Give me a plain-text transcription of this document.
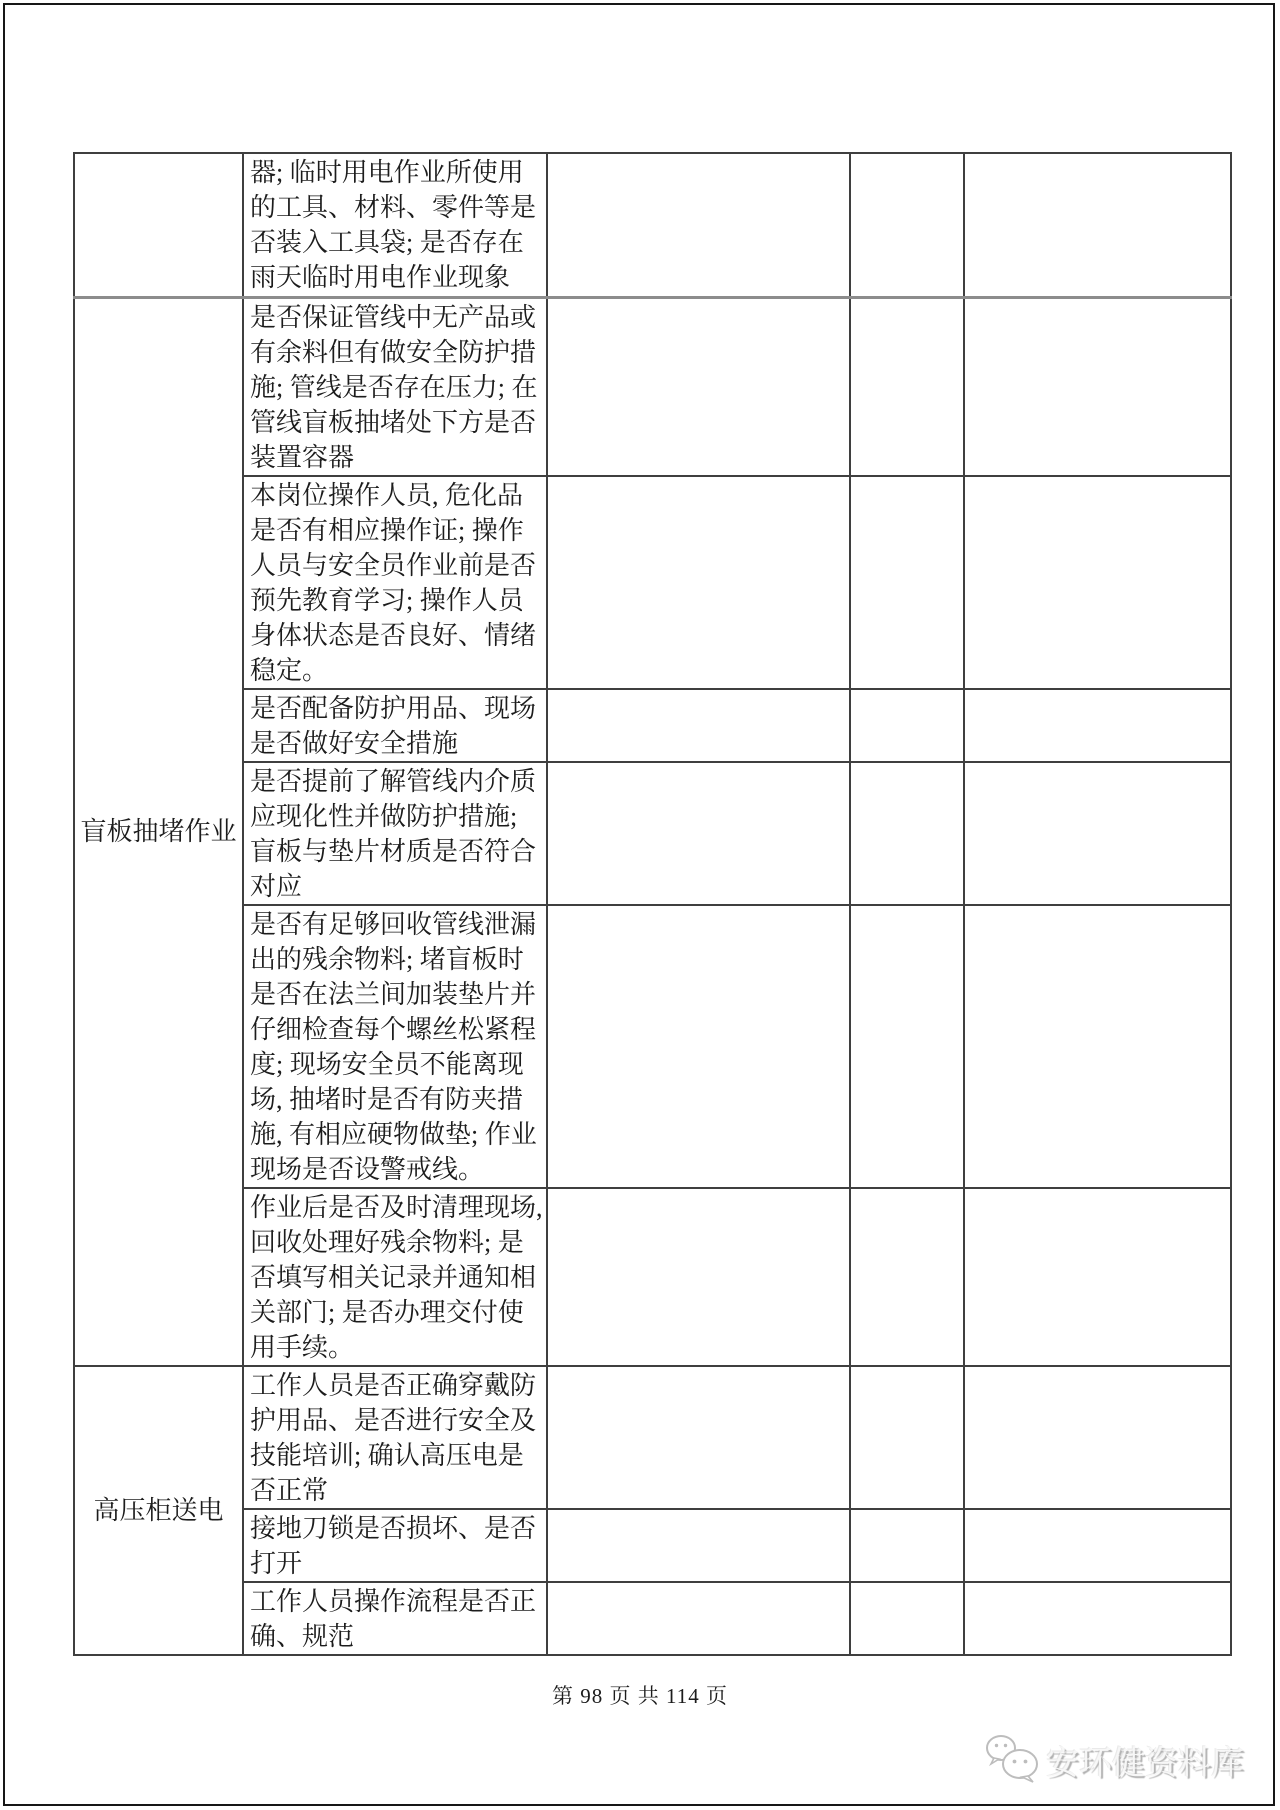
	器; 临时用电作业所使用的工具、材料、零件等是否装入工具袋; 是否存在雨天临时用电作业现象			
盲板抽堵作业	是否保证管线中无产品或有余料但有做安全防护措施; 管线是否存在压力; 在管线盲板抽堵处下方是否装置容器			
	本岗位操作人员, 危化品是否有相应操作证; 操作人员与安全员作业前是否预先教育学习; 操作人员身体状态是否良好、情绪稳定。			
	是否配备防护用品、现场是否做好安全措施			
	是否提前了解管线内介质应现化性并做防护措施; 盲板与垫片材质是否符合对应			
	是否有足够回收管线泄漏出的残余物料; 堵盲板时是否在法兰间加装垫片并仔细检查每个螺丝松紧程度; 现场安全员不能离现场, 抽堵时是否有防夹措施, 有相应硬物做垫; 作业现场是否设警戒线。			
	作业后是否及时清理现场, 回收处理好残余物料; 是否填写相关记录并通知相关部门; 是否办理交付使用手续。			
高压柜送电	工作人员是否正确穿戴防护用品、是否进行安全及技能培训; 确认高压电是否正常			
	接地刀锁是否损坏、是否打开			
	工作人员操作流程是否正确、规范			
第 98 页 共 114 页
安环健资料库
